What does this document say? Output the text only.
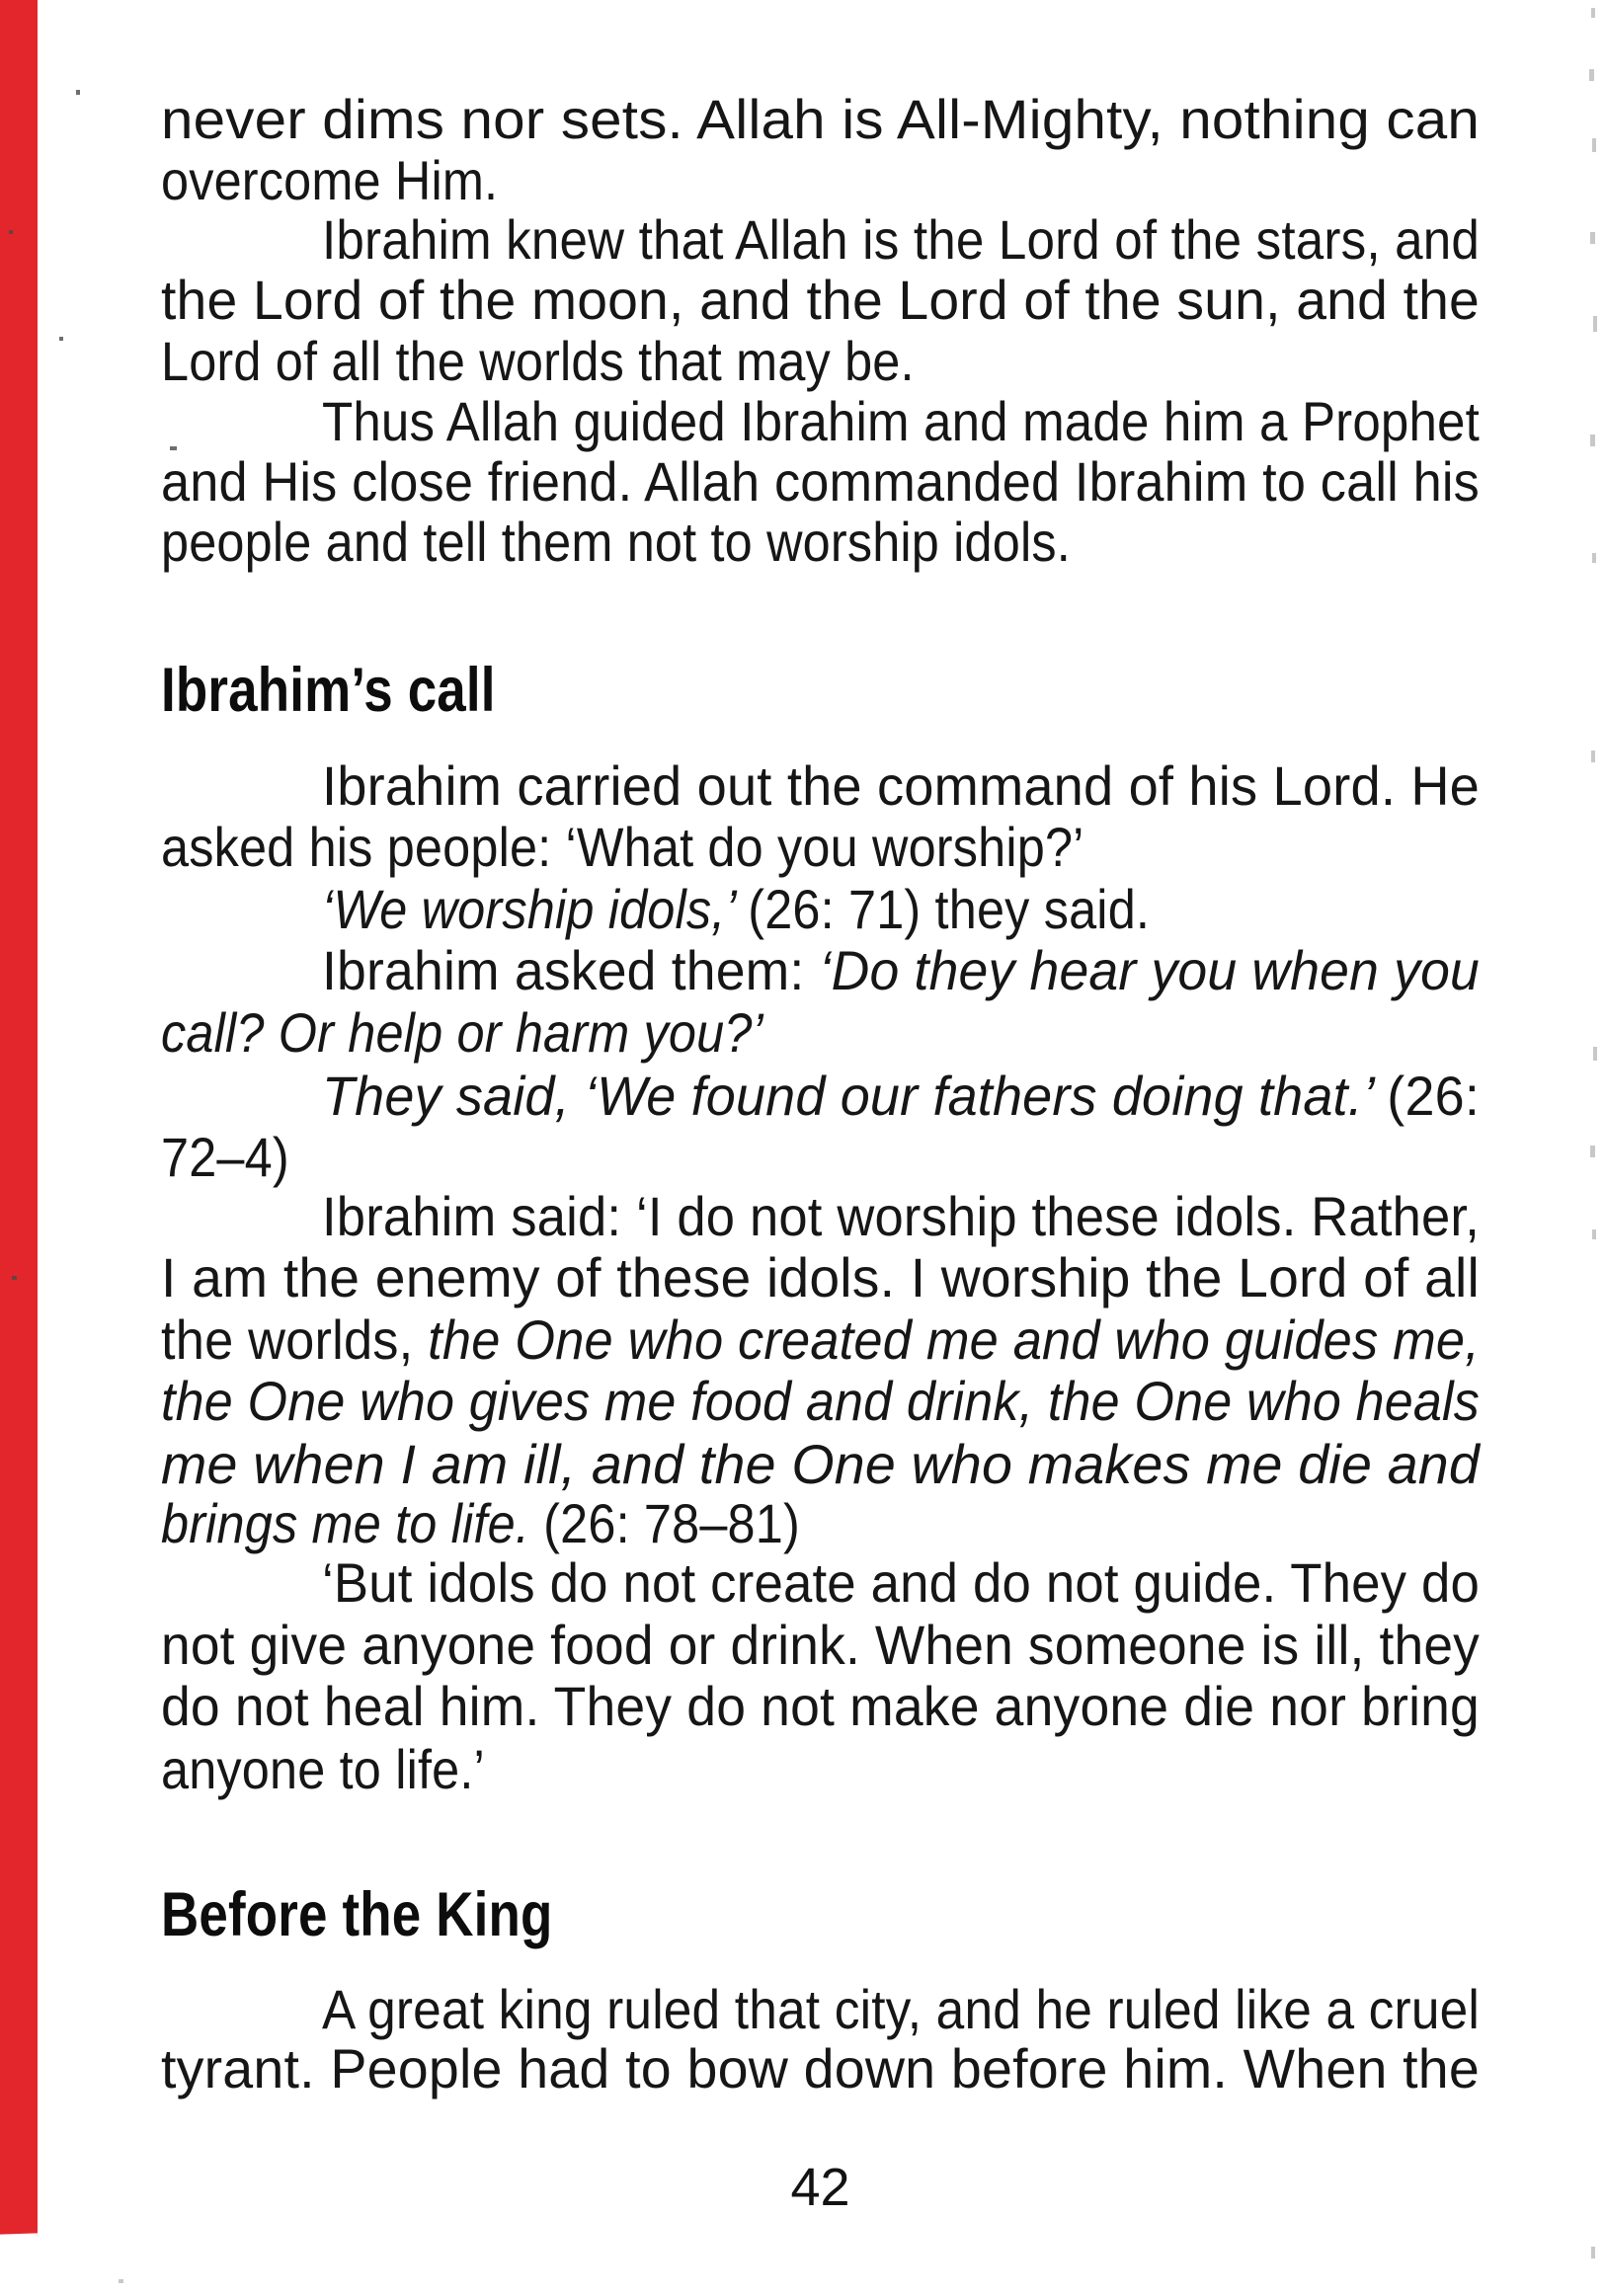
never dims nor sets. Allah is All-Mighty, nothing can
overcome Him.
Ibrahim knew that Allah is the Lord of the stars, and
the Lord of the moon, and the Lord of the sun, and the
Lord of all the worlds that may be.
Thus Allah guided Ibrahim and made him a Prophet
and His close friend. Allah commanded Ibrahim to call his
people and tell them not to worship idols.
Ibrahim’s call
Ibrahim carried out the command of his Lord. He
asked his people: ‘What do you worship?’
‘We worship idols,’ (26: 71) they said.
Ibrahim asked them: ‘Do they hear you when you
call? Or help or harm you?’
They said, ‘We found our fathers doing that.’ (26:
72–4)
Ibrahim said: ‘I do not worship these idols. Rather,
I am the enemy of these idols. I worship the Lord of all
the worlds, the One who created me and who guides me,
the One who gives me food and drink, the One who heals
me when I am ill, and the One who makes me die and
brings me to life. (26: 78–81)
‘But idols do not create and do not guide. They do
not give anyone food or drink. When someone is ill, they
do not heal him. They do not make anyone die nor bring
anyone to life.’
Before the King
A great king ruled that city, and he ruled like a cruel
tyrant. People had to bow down before him. When the
42
